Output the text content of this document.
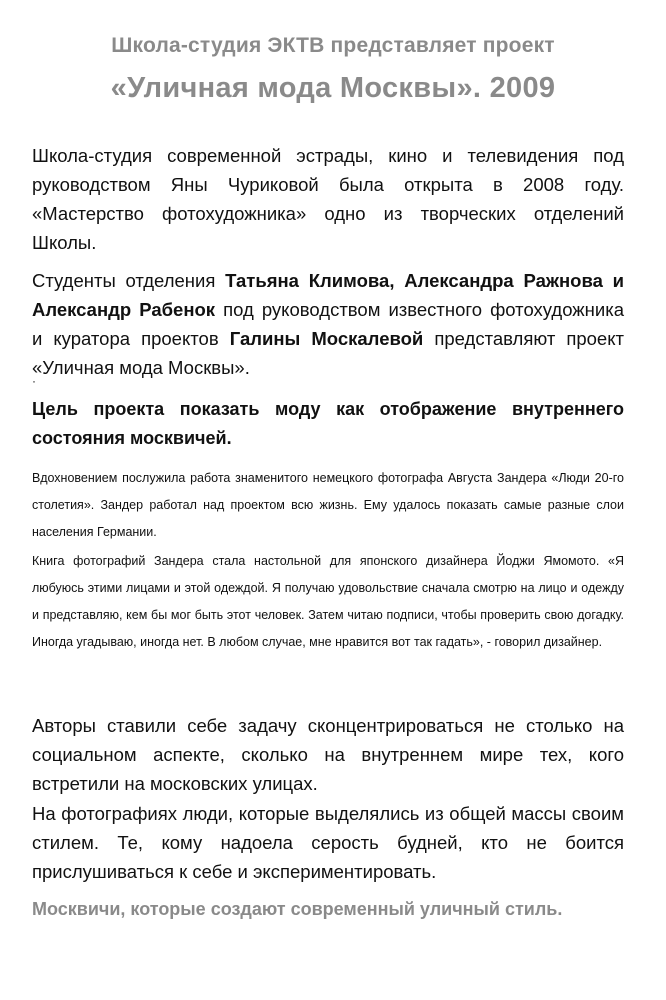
Школа-студия ЭКТВ представляет проект
«Уличная мода Москвы». 2009

Школа-студия современной эстрады, кино и телевидения под руководством Яны Чуриковой была открыта в 2008 году. «Мастерство фотохудожника» одно из творческих отделений Школы.

Студенты отделения Татьяна Климова, Александра Ражнова и Александр Рабенок под руководством известного фотохудожника и куратора проектов Галины Москалевой представляют проект «Уличная мода Москвы».

·

Цель проекта показать моду как отображение внутреннего состояния москвичей.

Вдохновением послужила работа знаменитого немецкого фотографа Августа Зандера «Люди 20-го столетия». Зандер работал над проектом всю жизнь. Ему удалось показать самые разные слои населения Германии.

Книга фотографий Зандера стала настольной для японского дизайнера Йоджи Ямомото. «Я любуюсь этими лицами и этой одеждой. Я получаю удовольствие сначала смотрю на лицо и одежду и представляю, кем бы мог быть этот человек. Затем читаю подписи, чтобы проверить свою догадку. Иногда угадываю, иногда нет. В любом случае, мне нравится вот так гадать», - говорил дизайнер.

Авторы ставили себе задачу сконцентрироваться не столько на социальном аспекте, сколько на внутреннем мире тех, кого встретили на московских улицах.

На фотографиях люди, которые выделялись из общей массы своим стилем. Те, кому надоела серость будней, кто не боится прислушиваться к себе и экспериментировать.

Москвичи, которые создают современный уличный стиль.
